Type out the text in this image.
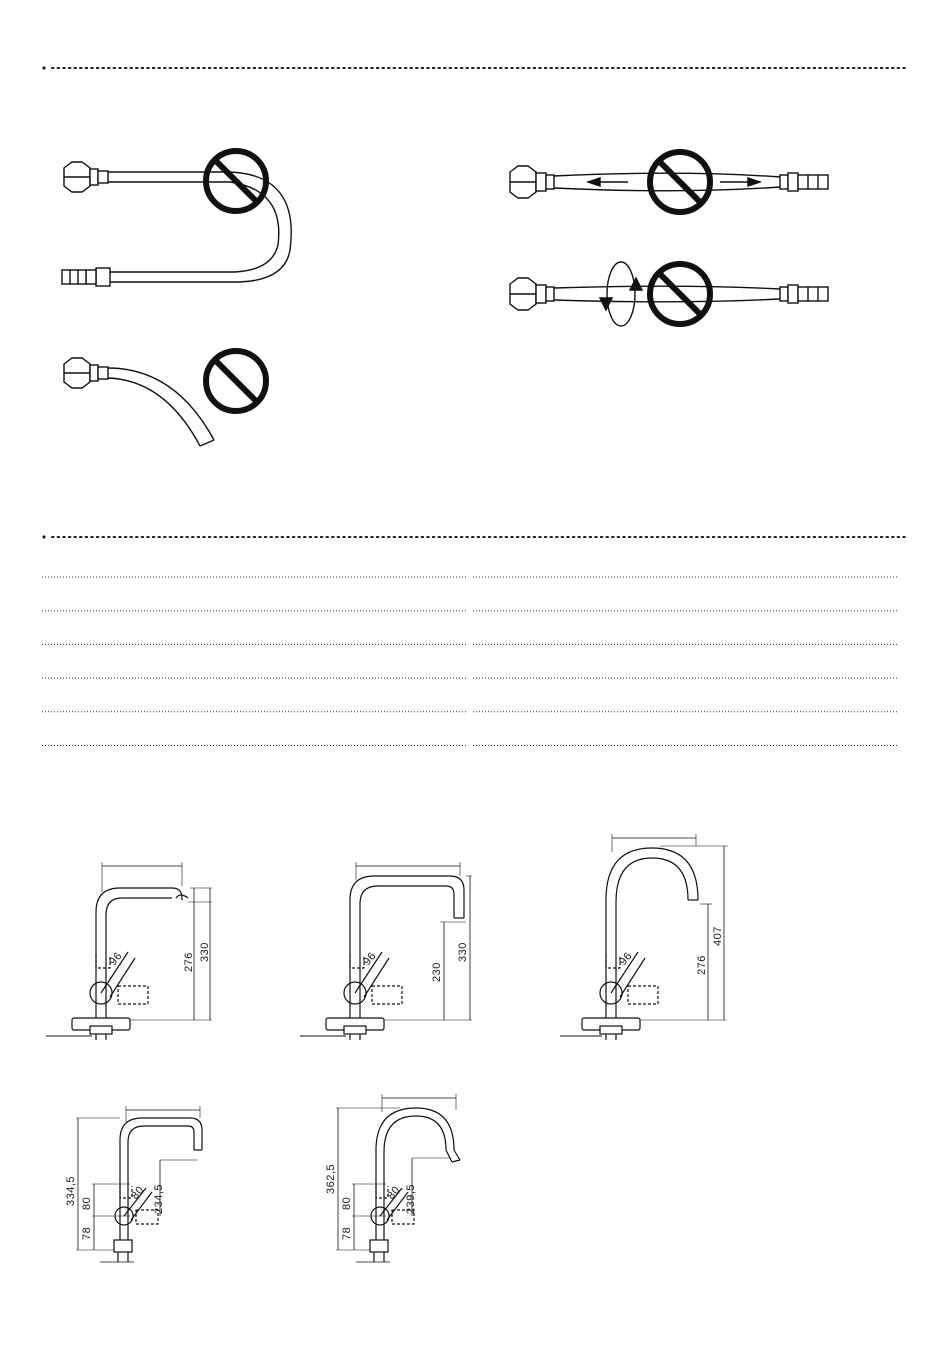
276
330
96
230
330
96	276
407
96
334,5 80
78
234,5
80	362,5
80
78
239,5
80
